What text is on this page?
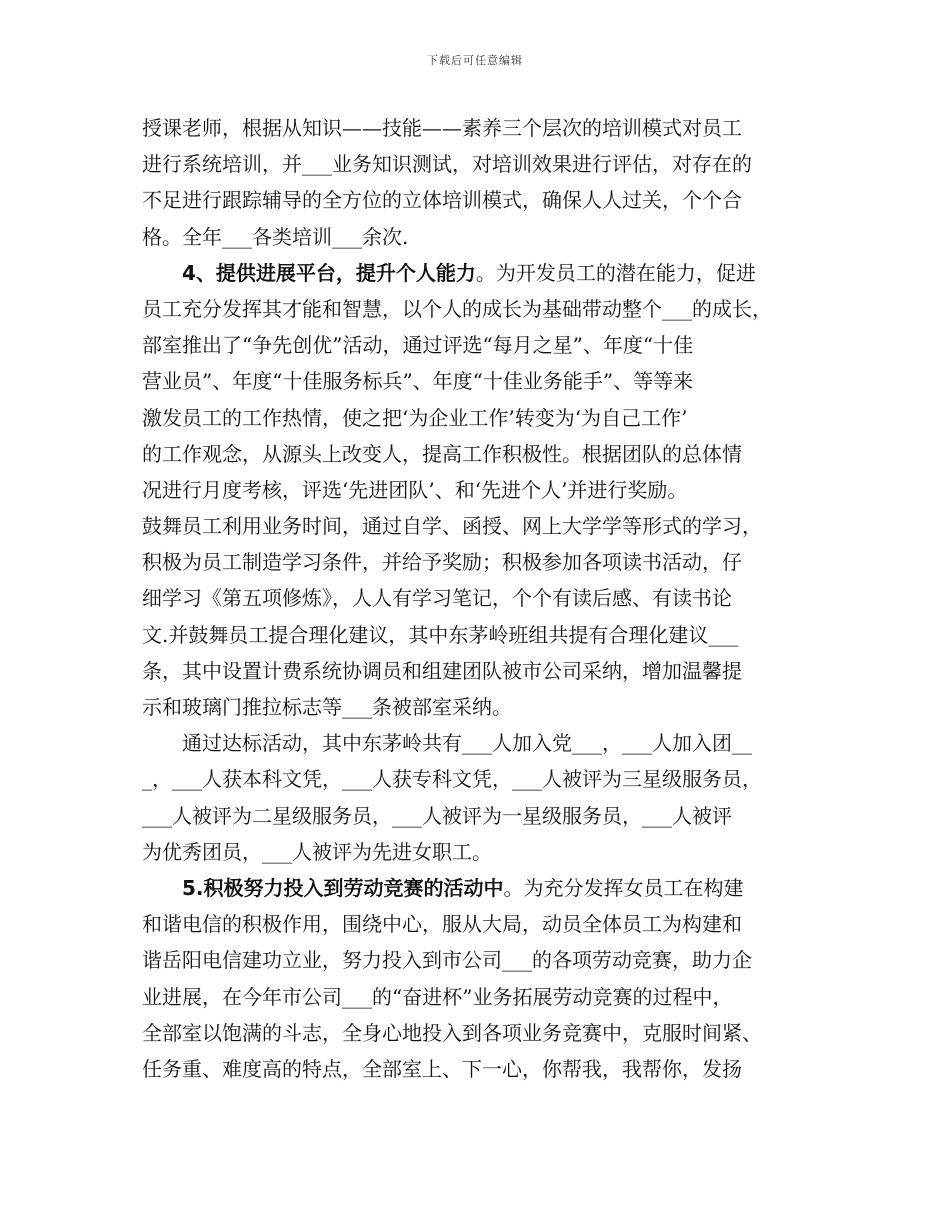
下载后可任意编辑
授课老师，根据从知识——技能——素养三个层次的培训模式对员工
进行系统培训，并___业务知识测试，对培训效果进行评估，对存在的
不足进行跟踪辅导的全方位的立体培训模式，确保人人过关，个个合
格。全年___各类培训___余次.
4、提供进展平台，提升个人能力。为开发员工的潜在能力，促进
员工充分发挥其才能和智慧，以个人的成长为基础带动整个___的成长，
部室推出了“争先创优”活动，通过评选“每月之星”、年度“十佳
营业员”、年度“十佳服务标兵”、年度“十佳业务能手”、等等来
激发员工的工作热情，使之把‘为企业工作’转变为‘为自己工作’
的工作观念，从源头上改变人，提高工作积极性。根据团队的总体情
况进行月度考核，评选‘先进团队’、和‘先进个人’并进行奖励。
鼓舞员工利用业务时间，通过自学、函授、网上大学学等形式的学习，
积极为员工制造学习条件，并给予奖励；积极参加各项读书活动，仔
细学习《第五项修炼》，人人有学习笔记，个个有读后感、有读书论
文.并鼓舞员工提合理化建议，其中东茅岭班组共提有合理化建议___
条，其中设置计费系统协调员和组建团队被市公司采纳，增加温馨提
示和玻璃门推拉标志等___条被部室采纳。
通过达标活动，其中东茅岭共有___人加入党___，___人加入团__
_，___人获本科文凭，___人获专科文凭，___人被评为三星级服务员，
___人被评为二星级服务员，___人被评为一星级服务员，___人被评
为优秀团员，___人被评为先进女职工。
5.积极努力投入到劳动竞赛的活动中。为充分发挥女员工在构建
和谐电信的积极作用，围绕中心，服从大局，动员全体员工为构建和
谐岳阳电信建功立业，努力投入到市公司___的各项劳动竞赛，助力企
业进展，在今年市公司___的“奋进杯”业务拓展劳动竞赛的过程中，
全部室以饱满的斗志，全身心地投入到各项业务竞赛中，克服时间紧、
任务重、难度高的特点，全部室上、下一心，你帮我，我帮你，发扬
